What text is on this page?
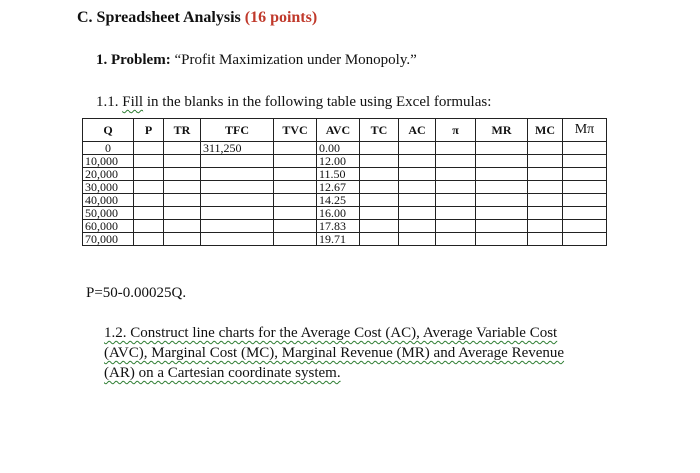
C. Spreadsheet Analysis (16 points)
1. Problem: “Profit Maximization under Monopoly.”
1.1. Fill in the blanks in the following table using Excel formulas:
Q	P	TR	TFC	TVC	AVC	TC	AC	π	MR	MC	Mπ
0			311,250		0.00						
10,000					12.00						
20,000					11.50						
30,000					12.67						
40,000					14.25						
50,000					16.00						
60,000					17.83						
70,000					19.71						
P=50-0.00025Q.
1.2. Construct line charts for the Average Cost (AC), Average Variable Cost
(AVC), Marginal Cost (MC), Marginal Revenue (MR) and Average Revenue
(AR) on a Cartesian coordinate system.
